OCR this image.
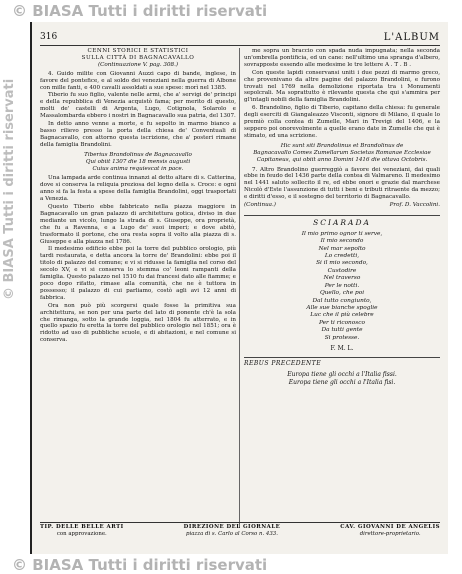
© BIASA Tutti i diritti riservati
© BIASA Tutti i diritti riservati
© BIASA Tutti i diritti riservati
316	L'ALBUM
CENNI STORICI E STATISTICI
SULLA CITTÀ DI BAGNACAVALLO
(Continuazione V. pag. 308.)

4. Guido milite con Giovanni Auzzi capo di bande, inglese, in favore del pontefice, e al soldo dei veneziani nella guerra di Albone con mille fanti, e 400 cavalli assoldati a sue spese: morì nel 1385.

Tiberio fu suo figlio, valente nelle armi, che a' servigi de' principi e della repubblica di Venezia acquistò fama; per merito di questo, molti de' castelli di Argenta, Lugo, Cotignola, Solarolo e Massalombarda ebbero i nostri in Bagnacavallo sua patria, del 1307.

In detto anno venne a morte, e fu sepolto in marmo bianco a basso rilievo presso la porta della chiesa de' Conventuali di Bagnacavallo, con attorno questa iscrizione, che a' posteri rimane della famiglia Brandolini.

Tiberius Brandolinus de Bagnacavallo
Qui obiit 1307 die 18 mensis augusti
Cuius anima requiescat in pace.

Una lampada arde continua innanzi al detto altare di s. Catterina, dove si conserva la reliquia preziosa del legno della s. Croce: e ogni anno si fa la festa a spese della famiglia Brandolini, oggi trasportati a Venezia.

Questo Tiberio ebbe fabbricato nella piazza maggiore in Bagnacavallo un gran palazzo di architettura gotica, diviso in due mediante un vicolo, lungo la strada di s. Giuseppe, ora proprietà, che fu a Ravenna, e a Lugo de' suoi imperi; e dove abitò, trasformato il portone, che ora resta sopra il volto alla piazza di s. Giuseppe e alla piazza nel 1786.

Il medesimo edificio ebbe poi la torre del pubblico orologio, più tardi restaurata, e detta ancora la torre de' Brandolini: ebbe poi il titolo di palazzo del comune; e vi si ridusse la famiglia nel corso del secolo XV, e vi si conserva lo stemma co' leoni rampanti della famiglia. Questo palazzo nel 1510 fu dai francesi dato alle fiamme; e poco dopo rifatto, rimase alla comunità, che ne è tuttora in possesso; il palazzo di cui parliamo, costò agli avi 12 anni di fabbrica.

Ora non può più scorgersi quale fosse la primitiva sua architettura, se non per una parte del lato di ponente ch'è la sola che rimanga, sotto la grande loggia, nel 1804 fu atterrato, e in quello spazio fu eretta la torre del pubblico orologio nel 1851; ora è ridotto ad uso di pubbliche scuole, e di abitazioni, e nel comune si conserva.

me sopra un braccio con spada nuda impugnata; nella seconda un'ombrella pontificia, ed un cane: nell'ultimo una spranga d'albero, sovrapposte essendo alle medesime le tre lettere A . T . B .

Con queste lapidi conservansi uniti i due pezzi di marmo greco, che provenivano da altre pagine del palazzo Brandolini, e furono trovati nel 1769 nella demolizione riportata tra i Monumenti sepolcrali. Ma soprattutto è rilevante questa che qui s'ammira per gl'intagli nobili della famiglia Brandolini.

6. Brandolino, figlio di Tiberio, capitano della chiesa: fu generale degli eserciti di Giangaleazzo Visconti, signore di Milano, il quale lo premiò colla contea di Zumelle, Mari in Trevigi del 1406, e la seppero poi onorevolmente a quelle erano date in Zumelle che qui è stimato, ed una scrizione.

Hic sunt siti Brandolinus et Brandolinus de
Bagnacavallo Comes Zumellarum Societas Romanae Ecclesiae Capitaneus, qui obiit anno Domini 1416 die ottava Octobris.

7. Altro Brandolino guerreggiò a favore dei veneziani, dai quali ebbe in feudo del 1436 parte della contea di Valmareno. Il medesimo nel 1441 saluto sollecito il re, ed ebbe onori e grazie dal marchese Nicolò d'Este l'assunzione di tutti i beni e tributi ritraente da mezzo; e diritti d'esso, e il sostegno del territorio di Bagnacavallo.

(Continua.)	Prof. D. Vaccolini.
SCIARADA
Il mio primo ognor ti serve,
Il mio secondo
Nel mar sepolto
Lo credetti,
Si il mio secondo,
Custodire
Nel traverso
Per le notti.
Quello, che poi
Dal tutto congiunto,
Alle sue bianche spoglie
Luc che il più celebre
Per ti riconosco
Da tutti gente
Si protesse.
F. M. L.
REBUS PRECEDENTE
Europa tiene gli occhi a l'Italia fissi.
Europa tiene gli occhi a l'Italia fisi.
TIP. DELLE BELLE ARTI
con approvazione.
DIREZIONE DEL GIORNALE
piazza di s. Carlo al Corso n. 433.
CAV. GIOVANNI DE ANGELIS
direttore-proprietario.
